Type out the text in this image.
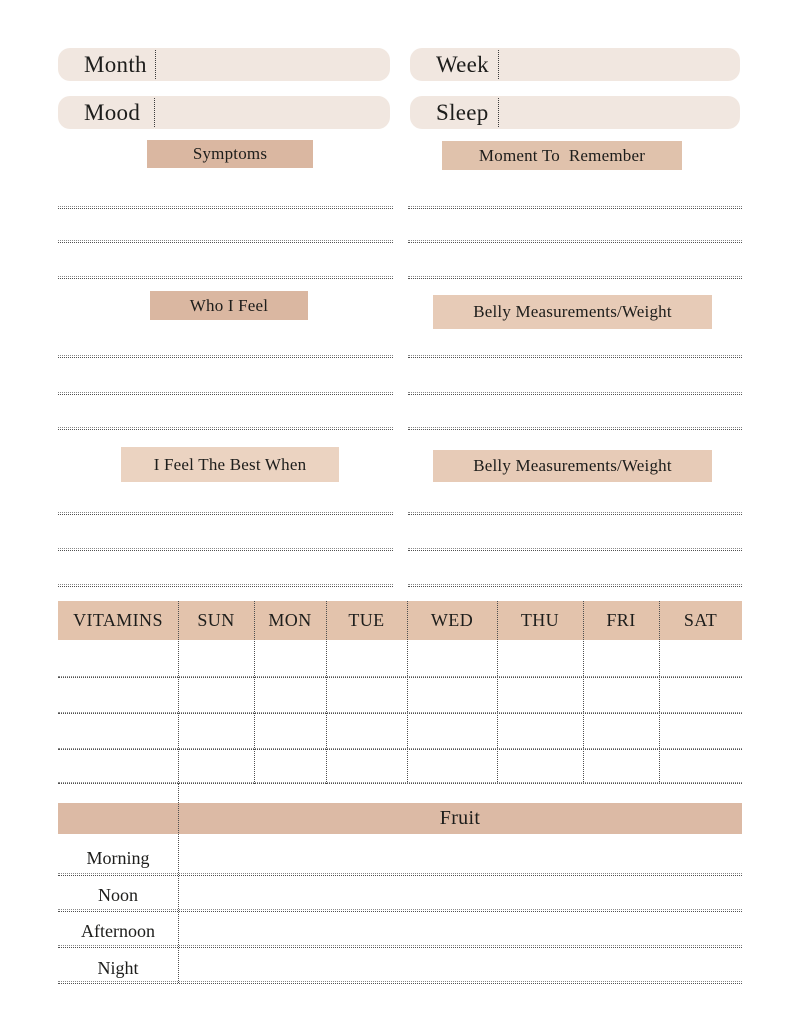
Month	Week
Mood	Sleep
Symptoms	Moment To  Remember
Who I Feel	Belly Measurements/Weight
I Feel The Best When	Belly Measurements/Weight
VITAMINS	SUN	MON	TUE	WED	THU	FRI	SAT
Fruit
Morning
Noon
Afternoon
Night
